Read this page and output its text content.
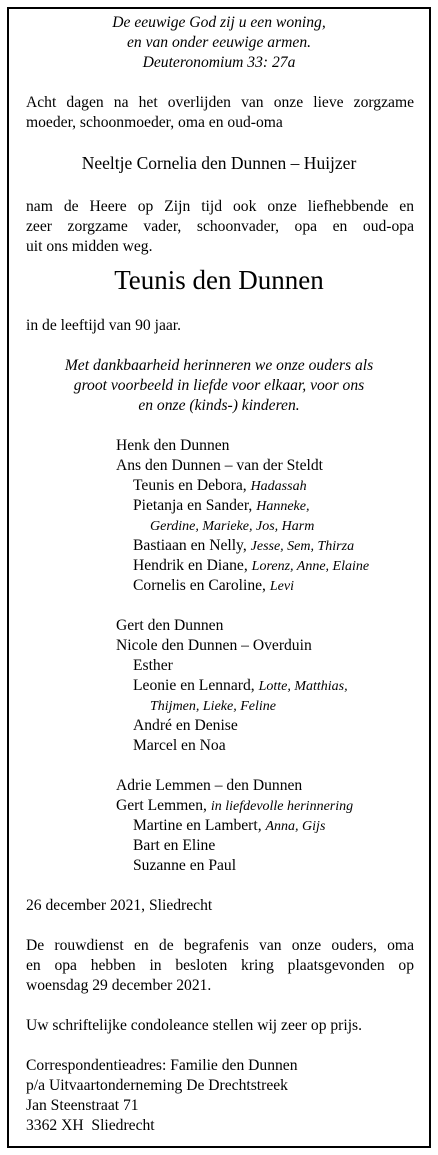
De eeuwige God zij u een woning,
en van onder eeuwige armen.
Deuteronomium 33: 27a
Acht dagen na het overlijden van onze lieve zorgzame
moeder, schoonmoeder, oma en oud-oma
Neeltje Cornelia den Dunnen – Huijzer
nam de Heere op Zijn tijd ook onze liefhebbende en
zeer zorgzame vader, schoonvader, opa en oud-opa
uit ons midden weg.
Teunis den Dunnen
in de leeftijd van 90 jaar.
Met dankbaarheid herinneren we onze ouders als
groot voorbeeld in liefde voor elkaar, voor ons
en onze (kinds-) kinderen.
Henk den Dunnen
Ans den Dunnen – van der Steldt
Teunis en Debora, Hadassah
Pietanja en Sander, Hanneke,
Gerdine, Marieke, Jos, Harm
Bastiaan en Nelly, Jesse, Sem, Thirza
Hendrik en Diane, Lorenz, Anne, Elaine
Cornelis en Caroline, Levi
Gert den Dunnen
Nicole den Dunnen – Overduin
Esther
Leonie en Lennard, Lotte, Matthias,
Thijmen, Lieke, Feline
André en Denise
Marcel en Noa
Adrie Lemmen – den Dunnen
Gert Lemmen, in liefdevolle herinnering
Martine en Lambert, Anna, Gijs
Bart en Eline
Suzanne en Paul
26 december 2021, Sliedrecht
De rouwdienst en de begrafenis van onze ouders, oma
en opa hebben in besloten kring plaatsgevonden op
woensdag 29 december 2021.
Uw schriftelijke condoleance stellen wij zeer op prijs.
Correspondentieadres: Familie den Dunnen
p/a Uitvaartonderneming De Drechtstreek
Jan Steenstraat 71
3362 XH  Sliedrecht
